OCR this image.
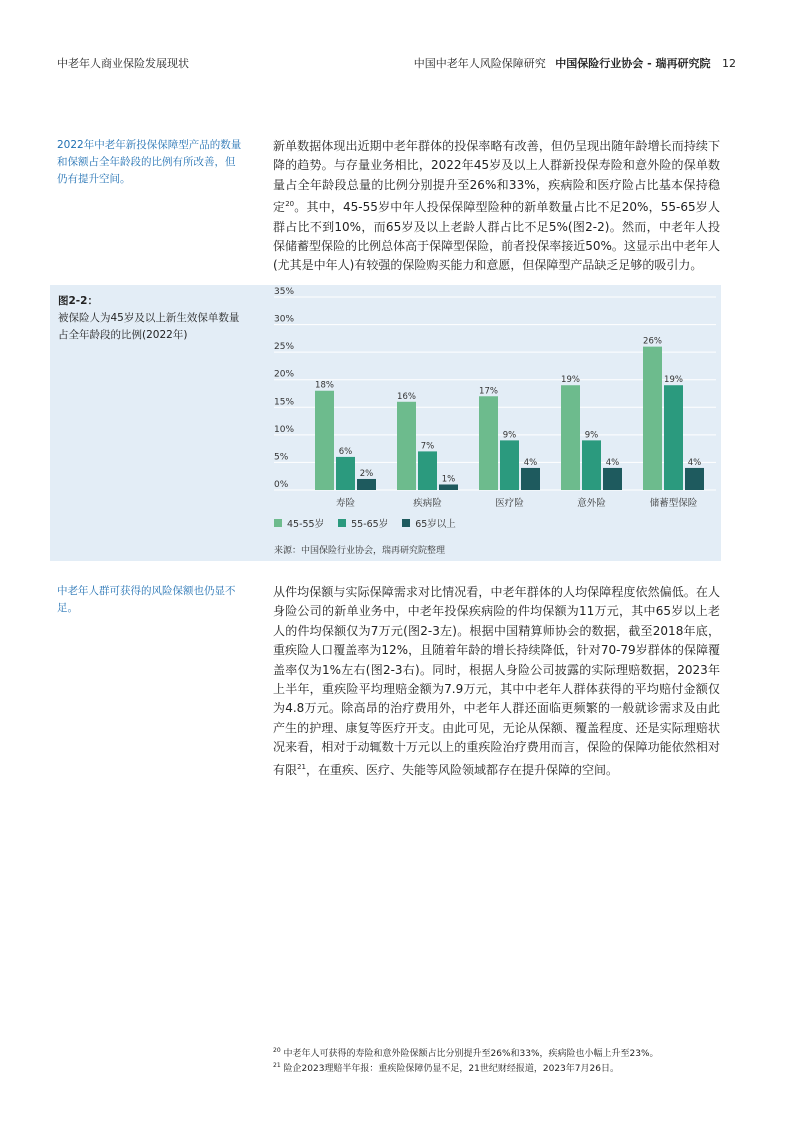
中老年人商业保险发展现状	中国中老年人风险保障研究 中国保险行业协会 - 瑞再研究院 12
2022年中老年新投保保障型产品的数量和保额占全年龄段的比例有所改善，但仍有提升空间。
新单数据体现出近期中老年群体的投保率略有改善，但仍呈现出随年龄增长而持续下降的趋势。与存量业务相比，2022年45岁及以上人群新投保寿险和意外险的保单数量占全年龄段总量的比例分别提升至26%和33%，疾病险和医疗险占比基本保持稳定$^{20}$。其中，45-55岁中年人投保保障型险种的新单数量占比不足20%，55-65岁人群占比不到10%，而65岁及以上老龄人群占比不足5%(图2-2)。然而，中老年人投保储蓄型保险的比例总体高于保障型保险，前者投保率接近50%。这显示出中老年人(尤其是中年人)有较强的保险购买能力和意愿，但保障型产品缺乏足够的吸引力。
图2-2：
被保险人为45岁及以上新生效保单数量占全年龄段的比例(2022年)
0%
5%
10%
15%
20%
25%
30%
35%
18%
6%
2%
寿险
16%
7%
1%
疾病险
17%
9%
4%
医疗险
19%
9%
4%
意外险
26%
19%
4%
储蓄型保险
45-55岁	55-65岁	65岁以上
来源：中国保险行业协会，瑞再研究院整理
中老年人群可获得的风险保额也仍显不足。
从件均保额与实际保障需求对比情况看，中老年群体的人均保障程度依然偏低。在人身险公司的新单业务中，中老年投保疾病险的件均保额为11万元，其中65岁以上老人的件均保额仅为7万元(图2-3左)。根据中国精算师协会的数据，截至2018年底，重疾险人口覆盖率为12%，且随着年龄的增长持续降低，针对70-79岁群体的保障覆盖率仅为1%左右(图2-3右)。同时，根据人身险公司披露的实际理赔数据，2023年上半年，重疾险平均理赔金额为7.9万元，其中中老年人群体获得的平均赔付金额仅为4.8万元。除高昂的治疗费用外，中老年人群还面临更频繁的一般就诊需求及由此产生的护理、康复等医疗开支。由此可见，无论从保额、覆盖程度、还是实际理赔状况来看，相对于动辄数十万元以上的重疾险治疗费用而言，保险的保障功能依然相对有限$^{21}$，在重疾、医疗、失能等风险领域都存在提升保障的空间。
$^{20}$ 中老年人可获得的寿险和意外险保额占比分别提升至26%和33%，疾病险也小幅上升至23%。
$^{21}$ 险企2023理赔半年报：重疾险保障仍显不足，21世纪财经报道，2023年7月26日。
